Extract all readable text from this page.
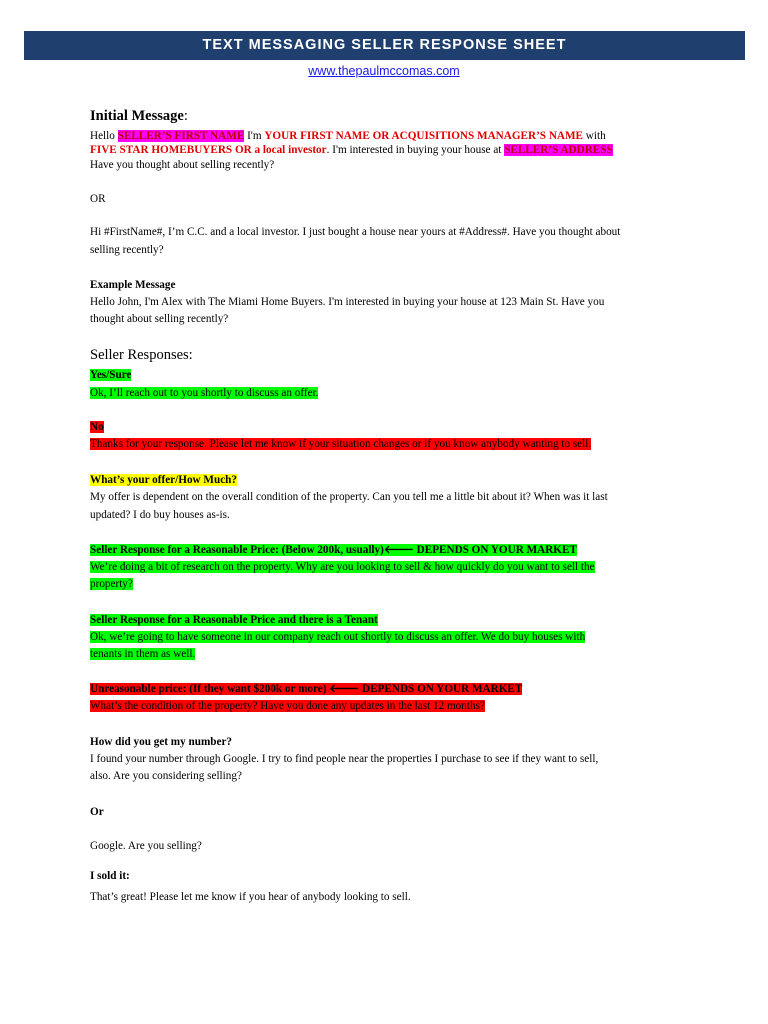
TEXT MESSAGING SELLER RESPONSE SHEET
www.thepaulmccomas.com
Initial Message:
Hello SELLER’S FIRST NAME I'm YOUR FIRST NAME OR ACQUISITIONS MANAGER’S NAME with
FIVE STAR HOMEBUYERS OR a local investor. I'm interested in buying your house at SELLER’S ADDRESS
Have you thought about selling recently?
OR
Hi #FirstName#, I’m C.C. and a local investor. I just bought a house near yours at #Address#. Have you thought about
selling recently?
Example Message
Hello John, I'm Alex with The Miami Home Buyers. I'm interested in buying your house at 123 Main St. Have you
thought about selling recently?
Seller Responses:
Yes/Sure
Ok, I’ll reach out to you shortly to discuss an offer.
No
Thanks for your response. Please let me know if your situation changes or if you know anybody wanting to sell.
What’s your offer/How Much?
My offer is dependent on the overall condition of the property. Can you tell me a little bit about it? When was it last
updated? I do buy houses as-is.
Seller Response for a Reasonable Price: (Below 200k, usually)🡐 DEPENDS ON YOUR MARKET
We’re doing a bit of research on the property. Why are you looking to sell & how quickly do you want to sell the
property?
Seller Response for a Reasonable Price and there is a Tenant
Ok, we’re going to have someone in our company reach out shortly to discuss an offer. We do buy houses with
tenants in them as well.
Unreasonable price: (If they want $200k or more) 🡐 DEPENDS ON YOUR MARKET
What’s the condition of the property? Have you done any updates in the last 12 months?
How did you get my number?
I found your number through Google. I try to find people near the properties I purchase to see if they want to sell,
also. Are you considering selling?
Or
Google. Are you selling?
I sold it:
That’s great! Please let me know if you hear of anybody looking to sell.
